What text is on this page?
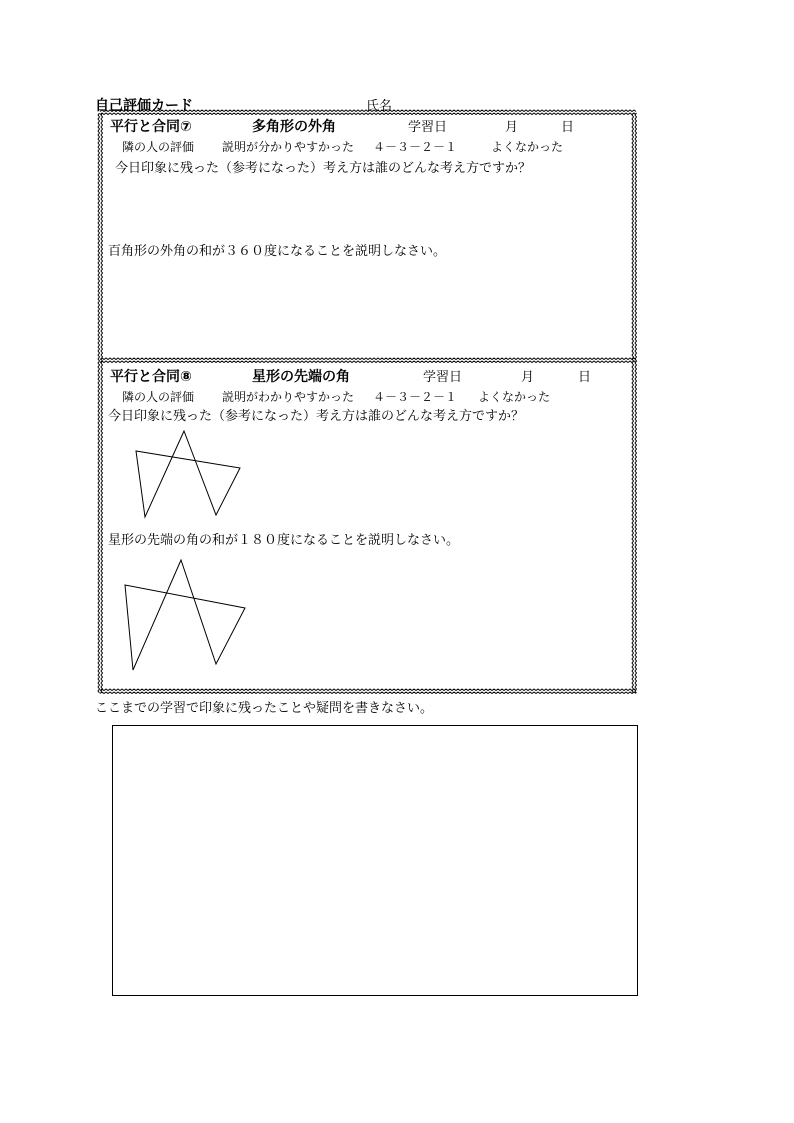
自己評価カード	氏名
平行と合同⑦	多角形の外角	学習日	月	日
隣の人の評価 説明が分かりやすかった ４－３－２－１	よくなかった
今日印象に残った（参考になった）考え方は誰のどんな考え方ですか？
百角形の外角の和が３６０度になることを説明しなさい。
平行と合同⑧	星形の先端の角	学習日	月	日
隣の人の評価 説明がわかりやすかった ４－３－２－１ よくなかった
今日印象に残った（参考になった）考え方は誰のどんな考え方ですか？
星形の先端の角の和が１８０度になることを説明しなさい。
ここまでの学習で印象に残ったことや疑問を書きなさい。
